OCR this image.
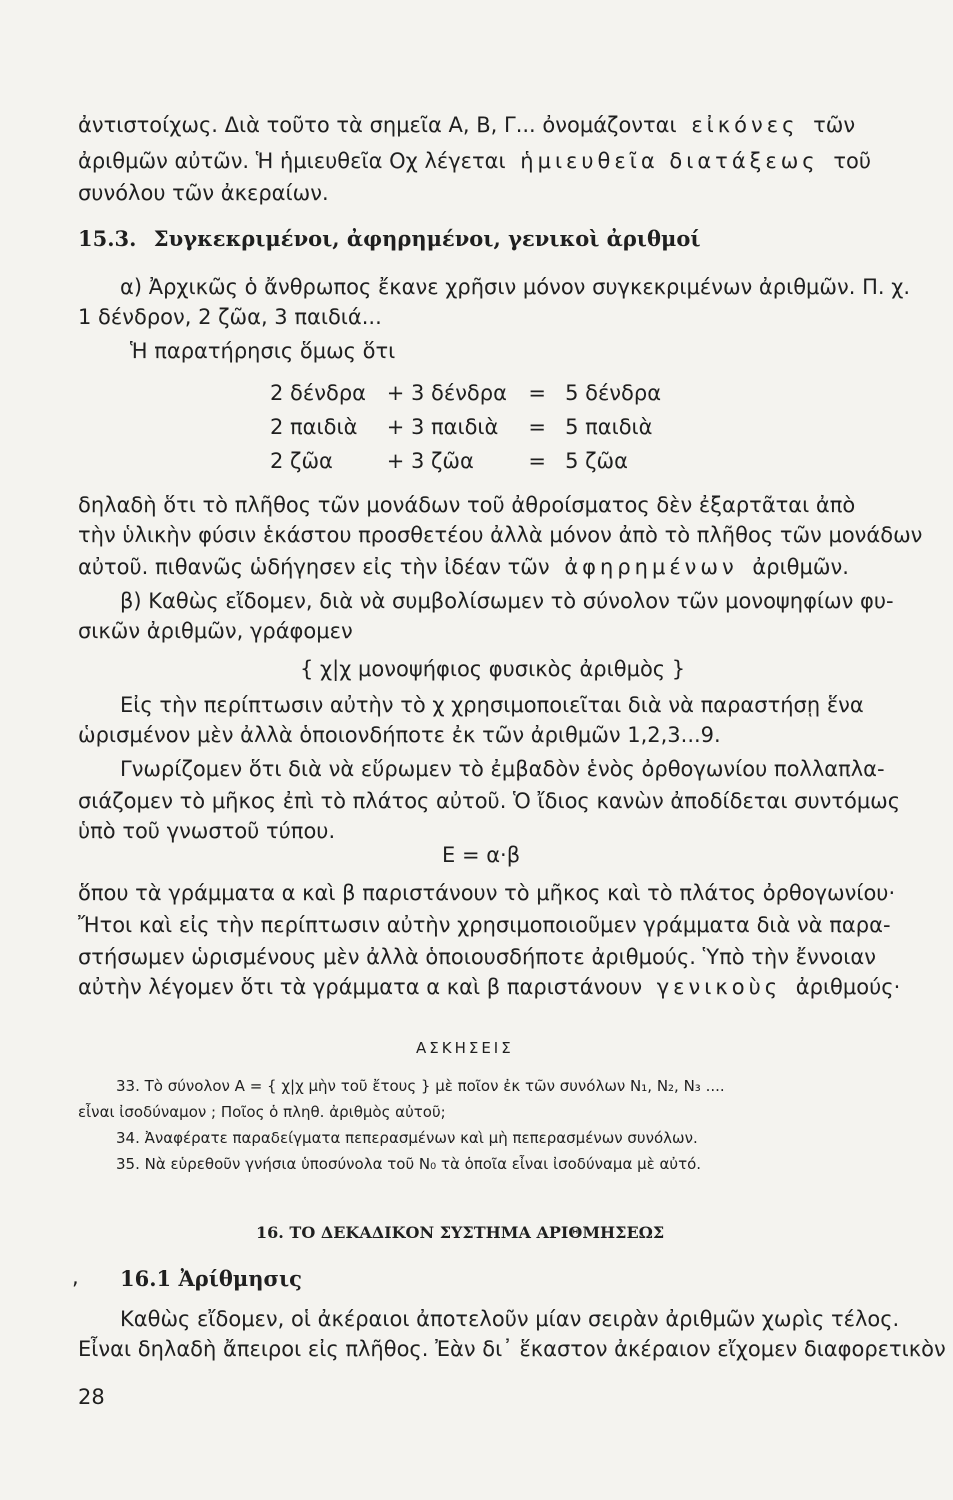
ἀντιστοίχως. Διὰ τοῦτο τὰ σημεῖα Α, Β, Γ... ὀνομάζονται εἰκόνες τῶν
ἀριθμῶν αὐτῶν. Ἡ ἡμιευθεῖα Οχ λέγεται ἡμιευθεῖα διατάξεως τοῦ
συνόλου τῶν ἀκεραίων.
15.3. Συγκεκριμένοι, ἀφηρημένοι, γενικοὶ ἀριθμοί
α) Ἀρχικῶς ὁ ἄνθρωπος ἔκανε χρῆσιν μόνον συγκεκριμένων ἀριθμῶν. Π. χ.
1 δένδρον, 2 ζῶα, 3 παιδιά...
Ἡ παρατήρησις ὅμως ὅτι
2 δένδρα + 3 δένδρα = 5 δένδρα
2 παιδιὰ + 3 παιδιὰ = 5 παιδιὰ
2 ζῶα	+ 3 ζῶα	= 5 ζῶα
δηλαδὴ ὅτι τὸ πλῆθος τῶν μονάδων τοῦ ἀθροίσματος δὲν ἐξαρτᾶται ἀπὸ
τὴν ὑλικὴν φύσιν ἑκάστου προσθετέου ἀλλὰ μόνον ἀπὸ τὸ πλῆθος τῶν μονάδων
αὐτοῦ. πιθανῶς ὡδήγησεν εἰς τὴν ἰδέαν τῶν ἀφηρημένων ἀριθμῶν.
β) Καθὼς εἴδομεν, διὰ νὰ συμβολίσωμεν τὸ σύνολον τῶν μονοψηφίων φυ-
σικῶν ἀριθμῶν, γράφομεν
{ χ|χ μονοψήφιος φυσικὸς ἀριθμὸς }
Εἰς τὴν περίπτωσιν αὐτὴν τὸ χ χρησιμοποιεῖται διὰ νὰ παραστήσῃ ἕνα
ὡρισμένον μὲν ἀλλὰ ὁποιονδήποτε ἐκ τῶν ἀριθμῶν 1,2,3...9.
Γνωρίζομεν ὅτι διὰ νὰ εὕρωμεν τὸ ἐμβαδὸν ἑνὸς ὀρθογωνίου πολλαπλα-
σιάζομεν τὸ μῆκος ἐπὶ τὸ πλάτος αὐτοῦ. Ὁ ἴδιος κανὼν ἀποδίδεται συντόμως
ὑπὸ τοῦ γνωστοῦ τύπου.
Ε = α·β
ὅπου τὰ γράμματα α καὶ β παριστάνουν τὸ μῆκος καὶ τὸ πλάτος ὀρθογωνίου·
Ἤτοι καὶ εἰς τὴν περίπτωσιν αὐτὴν χρησιμοποιοῦμεν γράμματα διὰ νὰ παρα-
στήσωμεν ὡρισμένους μὲν ἀλλὰ ὁποιουσδήποτε ἀριθμούς. Ὑπὸ τὴν ἔννοιαν
αὐτὴν λέγομεν ὅτι τὰ γράμματα α καὶ β παριστάνουν γενικοὺς ἀριθμούς·
ΑΣΚΗΣΕΙΣ
33. Τὸ σύνολον Α = { χ|χ μὴν τοῦ ἔτους } μὲ ποῖον ἐκ τῶν συνόλων Ν₁, Ν₂, Ν₃ ....
εἶναι ἰσοδύναμον ; Ποῖος ὁ πληθ. ἀριθμὸς αὐτοῦ;
34. Ἀναφέρατε παραδείγματα πεπερασμένων καὶ μὴ πεπερασμένων συνόλων.
35. Νὰ εὑρεθοῦν γνήσια ὑποσύνολα τοῦ Ν₀ τὰ ὁποῖα εἶναι ἰσοδύναμα μὲ αὐτό.
16. ΤΟ ΔΕΚΑΔΙΚΟΝ ΣΥΣΤΗΜΑ ΑΡΙΘΜΗΣΕΩΣ
, 16.1 Ἀρίθμησις
Καθὼς εἴδομεν, οἱ ἀκέραιοι ἀποτελοῦν μίαν σειρὰν ἀριθμῶν χωρὶς τέλος.
Εἶναι δηλαδὴ ἄπειροι εἰς πλῆθος. Ἐὰν δι᾽ ἕκαστον ἀκέραιον εἴχομεν διαφορετικὸν
28
